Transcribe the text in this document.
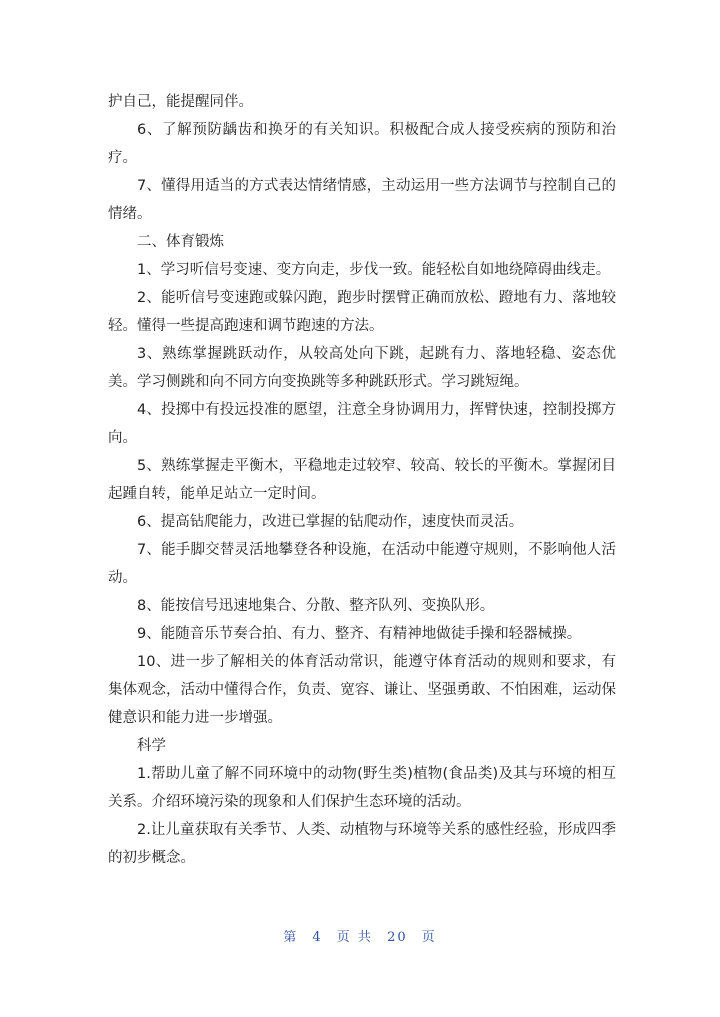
护自己，能提醒同伴。

6、了解预防龋齿和换牙的有关知识。积极配合成人接受疾病的预防和治疗。

7、懂得用适当的方式表达情绪情感，主动运用一些方法调节与控制自己的情绪。

二、体育锻炼

1、学习听信号变速、变方向走，步伐一致。能轻松自如地绕障碍曲线走。

2、能听信号变速跑或躲闪跑，跑步时摆臂正确而放松、蹬地有力、落地较轻。懂得一些提高跑速和调节跑速的方法。

3、熟练掌握跳跃动作，从较高处向下跳，起跳有力、落地轻稳、姿态优美。学习侧跳和向不同方向变换跳等多种跳跃形式。学习跳短绳。

4、投掷中有投远投准的愿望，注意全身协调用力，挥臂快速，控制投掷方向。

5、熟练掌握走平衡木，平稳地走过较窄、较高、较长的平衡木。掌握闭目起踵自转，能单足站立一定时间。

6、提高钻爬能力，改进已掌握的钻爬动作，速度快而灵活。

7、能手脚交替灵活地攀登各种设施，在活动中能遵守规则，不影响他人活动。

8、能按信号迅速地集合、分散、整齐队列、变换队形。

9、能随音乐节奏合拍、有力、整齐、有精神地做徒手操和轻器械操。

10、进一步了解相关的体育活动常识，能遵守体育活动的规则和要求，有集体观念，活动中懂得合作，负责、宽容、谦让、坚强勇敢、不怕困难，运动保健意识和能力进一步增强。

科学

1.帮助儿童了解不同环境中的动物(野生类)植物(食品类)及其与环境的相互关系。介绍环境污染的现象和人们保护生态环境的活动。

2.让儿童获取有关季节、人类、动植物与环境等关系的感性经验，形成四季的初步概念。

第 4 页 共 20 页
